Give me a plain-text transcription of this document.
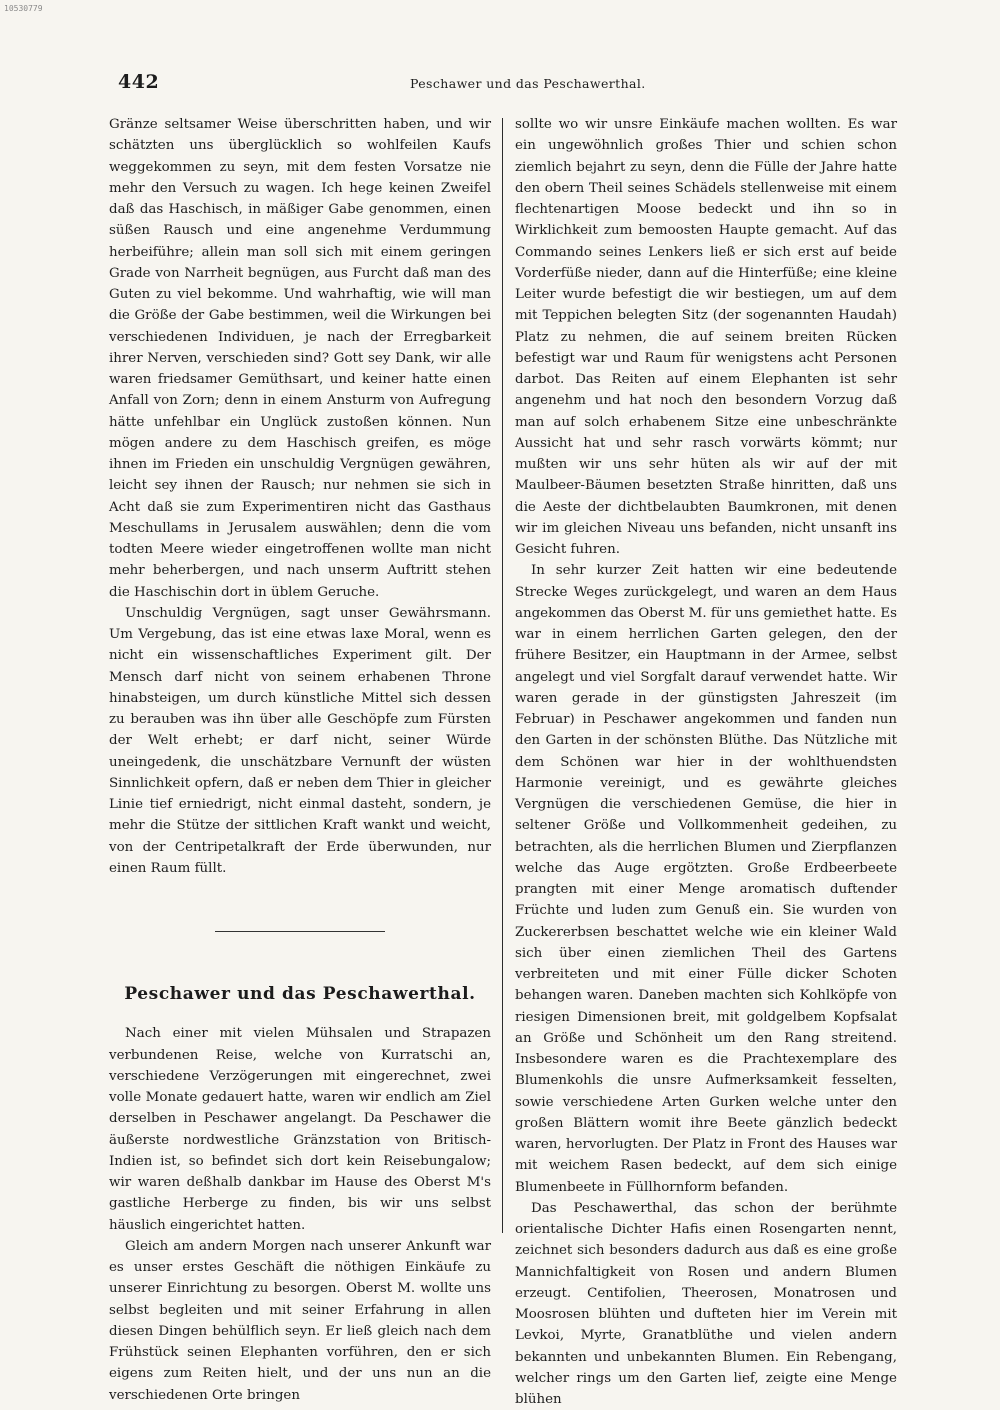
10530779
442	Peschawer und das Peschawerthal.

Gränze seltsamer Weise überschritten haben, und wir schätzten uns überglücklich so wohlfeilen Kaufs weggekommen zu seyn, mit dem festen Vorsatze nie mehr den Versuch zu wagen. Ich hege keinen Zweifel daß das Haschisch, in mäßiger Gabe genommen, einen süßen Rausch und eine angenehme Verdummung herbeiführe; allein man soll sich mit einem geringen Grade von Narrheit begnügen, aus Furcht daß man des Guten zu viel bekomme. Und wahrhaftig, wie will man die Größe der Gabe bestimmen, weil die Wirkungen bei verschiedenen Individuen, je nach der Erregbarkeit ihrer Nerven, verschieden sind? Gott sey Dank, wir alle waren friedsamer Gemüthsart, und keiner hatte einen Anfall von Zorn; denn in einem Ansturm von Aufregung hätte unfehlbar ein Unglück zustoßen können. Nun mögen andere zu dem Haschisch greifen, es möge ihnen im Frieden ein unschuldig Vergnügen gewähren, leicht sey ihnen der Rausch; nur nehmen sie sich in Acht daß sie zum Experimentiren nicht das Gasthaus Meschullams in Jerusalem auswählen; denn die vom todten Meere wieder eingetroffenen wollte man nicht mehr beherbergen, und nach unserm Auftritt stehen die Haschischin dort in üblem Geruche.

Unschuldig Vergnügen, sagt unser Gewährsmann. Um Vergebung, das ist eine etwas laxe Moral, wenn es nicht ein wissenschaftliches Experiment gilt. Der Mensch darf nicht von seinem erhabenen Throne hinabsteigen, um durch künstliche Mittel sich dessen zu berauben was ihn über alle Geschöpfe zum Fürsten der Welt erhebt; er darf nicht, seiner Würde uneingedenk, die unschätzbare Vernunft der wüsten Sinnlichkeit opfern, daß er neben dem Thier in gleicher Linie tief erniedrigt, nicht einmal dasteht, sondern, je mehr die Stütze der sittlichen Kraft wankt und weicht, von der Centripetalkraft der Erde überwunden, nur einen Raum füllt.

Peschawer und das Peschawerthal.

Nach einer mit vielen Mühsalen und Strapazen verbundenen Reise, welche von Kurratschi an, verschiedene Verzögerungen mit eingerechnet, zwei volle Monate gedauert hatte, waren wir endlich am Ziel derselben in Peschawer angelangt. Da Peschawer die äußerste nordwestliche Gränzstation von Britisch-Indien ist, so befindet sich dort kein Reisebungalow; wir waren deßhalb dankbar im Hause des Oberst M's gastliche Herberge zu finden, bis wir uns selbst häuslich eingerichtet hatten.

Gleich am andern Morgen nach unserer Ankunft war es unser erstes Geschäft die nöthigen Einkäufe zu unserer Einrichtung zu besorgen. Oberst M. wollte uns selbst begleiten und mit seiner Erfahrung in allen diesen Dingen behülflich seyn. Er ließ gleich nach dem Frühstück seinen Elephanten vorführen, den er sich eigens zum Reiten hielt, und der uns nun an die verschiedenen Orte bringen

sollte wo wir unsre Einkäufe machen wollten. Es war ein ungewöhnlich großes Thier und schien schon ziemlich bejahrt zu seyn, denn die Fülle der Jahre hatte den obern Theil seines Schädels stellenweise mit einem flechtenartigen Moose bedeckt und ihn so in Wirklichkeit zum bemoosten Haupte gemacht. Auf das Commando seines Lenkers ließ er sich erst auf beide Vorderfüße nieder, dann auf die Hinterfüße; eine kleine Leiter wurde befestigt die wir bestiegen, um auf dem mit Teppichen belegten Sitz (der sogenannten Haudah) Platz zu nehmen, die auf seinem breiten Rücken befestigt war und Raum für wenigstens acht Personen darbot. Das Reiten auf einem Elephanten ist sehr angenehm und hat noch den besondern Vorzug daß man auf solch erhabenem Sitze eine unbeschränkte Aussicht hat und sehr rasch vorwärts kömmt; nur mußten wir uns sehr hüten als wir auf der mit Maulbeer-Bäumen besetzten Straße hinritten, daß uns die Aeste der dichtbelaubten Baumkronen, mit denen wir im gleichen Niveau uns befanden, nicht unsanft ins Gesicht fuhren.

In sehr kurzer Zeit hatten wir eine bedeutende Strecke Weges zurückgelegt, und waren an dem Haus angekommen das Oberst M. für uns gemiethet hatte. Es war in einem herrlichen Garten gelegen, den der frühere Besitzer, ein Hauptmann in der Armee, selbst angelegt und viel Sorgfalt darauf verwendet hatte. Wir waren gerade in der günstigsten Jahreszeit (im Februar) in Peschawer angekommen und fanden nun den Garten in der schönsten Blüthe. Das Nützliche mit dem Schönen war hier in der wohlthuendsten Harmonie vereinigt, und es gewährte gleiches Vergnügen die verschiedenen Gemüse, die hier in seltener Größe und Vollkommenheit gedeihen, zu betrachten, als die herrlichen Blumen und Zierpflanzen welche das Auge ergötzten. Große Erdbeerbeete prangten mit einer Menge aromatisch duftender Früchte und luden zum Genuß ein. Sie wurden von Zuckererbsen beschattet welche wie ein kleiner Wald sich über einen ziemlichen Theil des Gartens verbreiteten und mit einer Fülle dicker Schoten behangen waren. Daneben machten sich Kohlköpfe von riesigen Dimensionen breit, mit goldgelbem Kopfsalat an Größe und Schönheit um den Rang streitend. Insbesondere waren es die Prachtexemplare des Blumenkohls die unsre Aufmerksamkeit fesselten, sowie verschiedene Arten Gurken welche unter den großen Blättern womit ihre Beete gänzlich bedeckt waren, hervorlugten. Der Platz in Front des Hauses war mit weichem Rasen bedeckt, auf dem sich einige Blumenbeete in Füllhornform befanden.

Das Peschawerthal, das schon der berühmte orientalische Dichter Hafis einen Rosengarten nennt, zeichnet sich besonders dadurch aus daß es eine große Mannichfaltigkeit von Rosen und andern Blumen erzeugt. Centifolien, Theerosen, Monatrosen und Moosrosen blühten und dufteten hier im Verein mit Levkoi, Myrte, Granatblüthe und vielen andern bekannten und unbekannten Blumen. Ein Rebengang, welcher rings um den Garten lief, zeigte eine Menge blühen
